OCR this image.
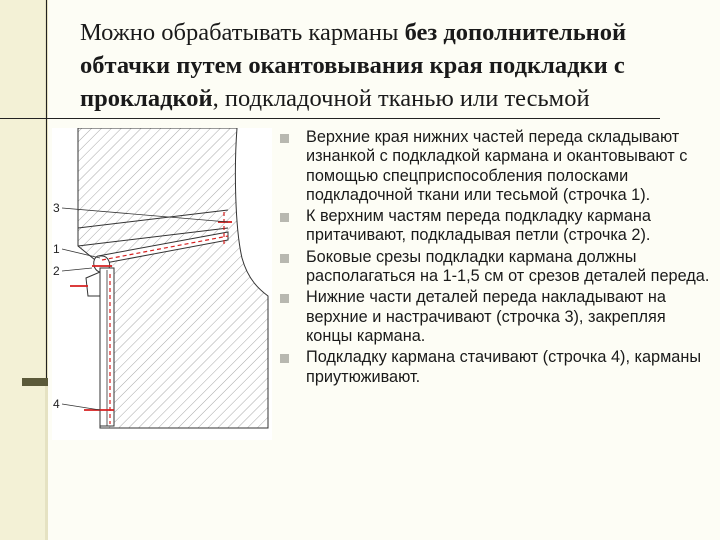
Можно обрабатывать карманы без дополнительной обтачки путем окантовывания края подкладки с прокладкой, подкладочной тканью или тесьмой
3
1
2
4
Верхние края нижних частей переда складывают изнанкой с подкладкой кармана и окантовывают с помощью спецприспособления полосками подкладочной ткани или тесьмой (строчка 1).
К верхним частям переда подкладку кармана притачивают, подкладывая петли (строчка 2).
Боковые срезы подкладки кармана должны располагаться на 1-1,5 см от срезов деталей переда.
Нижние части деталей переда накладывают на верхние и настрачивают (строчка 3), закрепляя концы кармана.
Подкладку кармана стачивают (строчка 4), карманы приутюживают.
